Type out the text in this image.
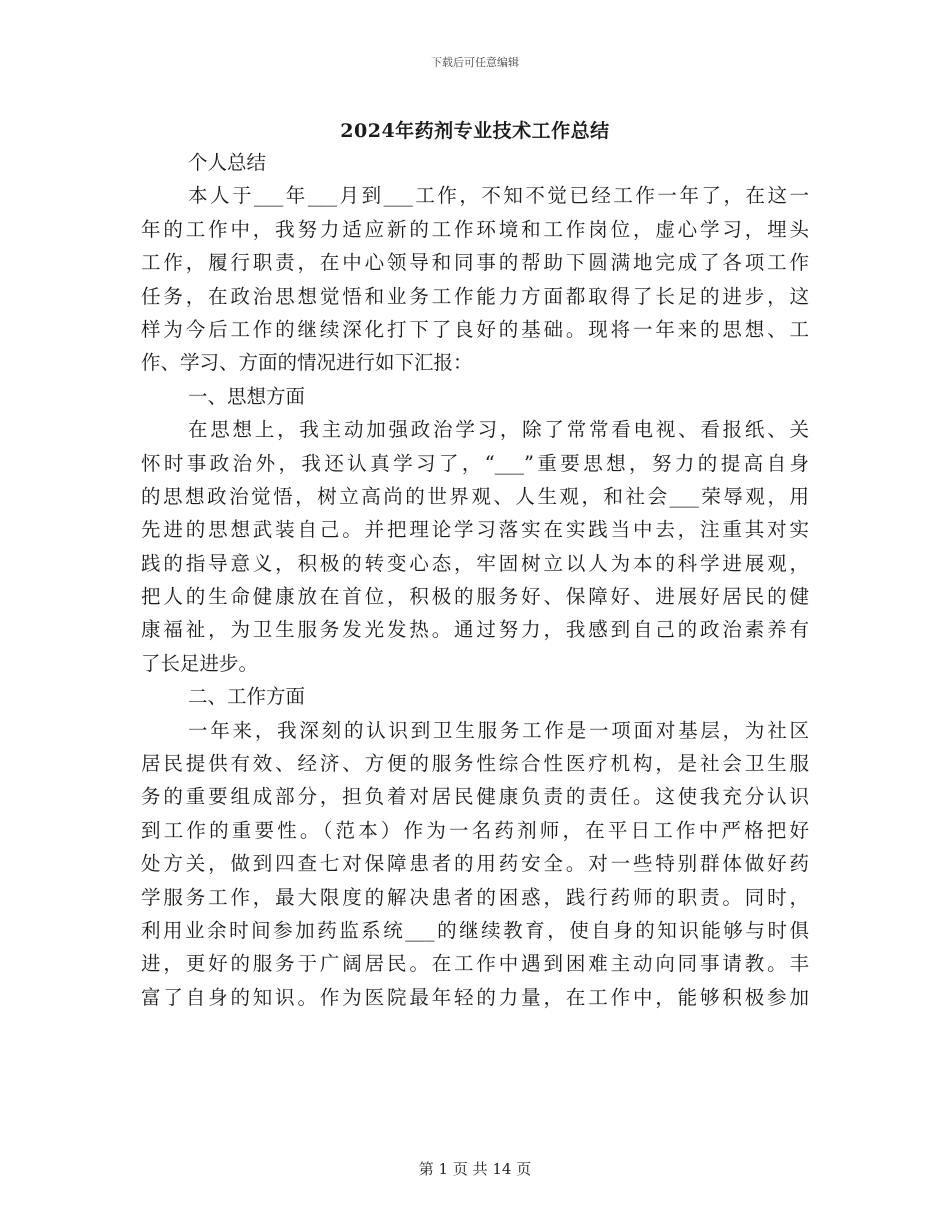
下载后可任意编辑
2024年药剂专业技术工作总结
个人总结
本人于___年___月到___工作，不知不觉已经工作一年了，在这一
年的工作中，我努力适应新的工作环境和工作岗位，虚心学习，埋头
工作，履行职责，在中心领导和同事的帮助下圆满地完成了各项工作
任务，在政治思想觉悟和业务工作能力方面都取得了长足的进步，这
样为今后工作的继续深化打下了良好的基础。现将一年来的思想、工
作、学习、方面的情况进行如下汇报：
一、思想方面
在思想上，我主动加强政治学习，除了常常看电视、看报纸、关
怀时事政治外，我还认真学习了，“___”重要思想，努力的提高自身
的思想政治觉悟，树立高尚的世界观、人生观，和社会___荣辱观，用
先进的思想武装自己。并把理论学习落实在实践当中去，注重其对实
践的指导意义，积极的转变心态，牢固树立以人为本的科学进展观，
把人的生命健康放在首位，积极的服务好、保障好、进展好居民的健
康福祉，为卫生服务发光发热。通过努力，我感到自己的政治素养有
了长足进步。
二、工作方面
一年来，我深刻的认识到卫生服务工作是一项面对基层，为社区
居民提供有效、经济、方便的服务性综合性医疗机构，是社会卫生服
务的重要组成部分，担负着对居民健康负责的责任。这使我充分认识
到工作的重要性。（范本）作为一名药剂师，在平日工作中严格把好
处方关，做到四查七对保障患者的用药安全。对一些特别群体做好药
学服务工作，最大限度的解决患者的困惑，践行药师的职责。同时，
利用业余时间参加药监系统___的继续教育，使自身的知识能够与时俱
进，更好的服务于广阔居民。在工作中遇到困难主动向同事请教。丰
富了自身的知识。作为医院最年轻的力量，在工作中，能够积极参加
第 1 页 共 14 页
